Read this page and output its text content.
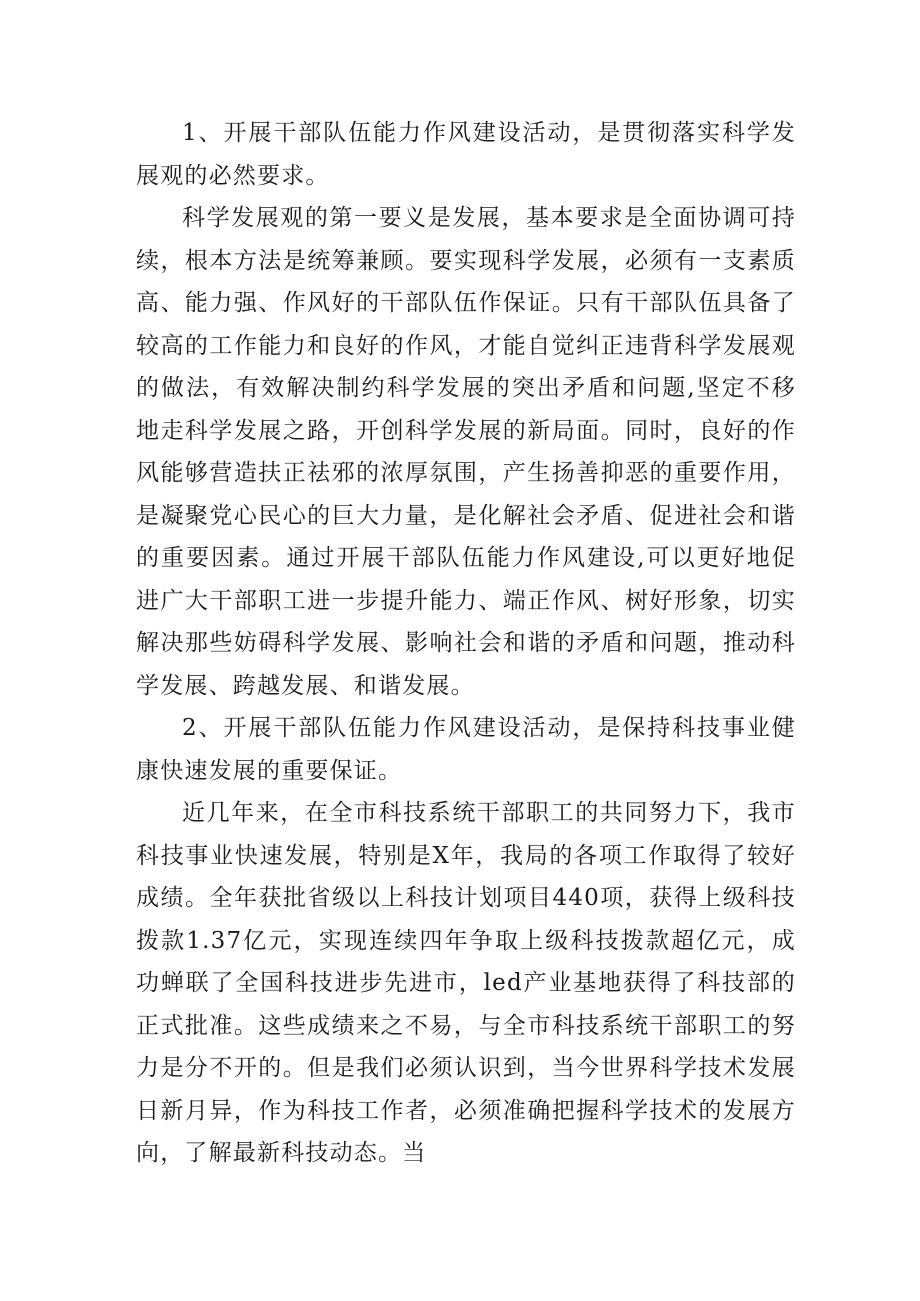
1、开展干部队伍能力作风建设活动，是贯彻落实科学发展观的必然要求。

科学发展观的第一要义是发展，基本要求是全面协调可持续，根本方法是统筹兼顾。要实现科学发展，必须有一支素质高、能力强、作风好的干部队伍作保证。只有干部队伍具备了较高的工作能力和良好的作风，才能自觉纠正违背科学发展观的做法，有效解决制约科学发展的突出矛盾和问题,坚定不移地走科学发展之路，开创科学发展的新局面。同时，良好的作风能够营造扶正祛邪的浓厚氛围，产生扬善抑恶的重要作用，是凝聚党心民心的巨大力量，是化解社会矛盾、促进社会和谐的重要因素。通过开展干部队伍能力作风建设,可以更好地促进广大干部职工进一步提升能力、端正作风、树好形象，切实解决那些妨碍科学发展、影响社会和谐的矛盾和问题，推动科学发展、跨越发展、和谐发展。

2、开展干部队伍能力作风建设活动，是保持科技事业健康快速发展的重要保证。

近几年来，在全市科技系统干部职工的共同努力下，我市科技事业快速发展，特别是X年，我局的各项工作取得了较好成绩。全年获批省级以上科技计划项目440项，获得上级科技拨款1.37亿元，实现连续四年争取上级科技拨款超亿元，成功蝉联了全国科技进步先进市，led产业基地获得了科技部的正式批准。这些成绩来之不易，与全市科技系统干部职工的努力是分不开的。但是我们必须认识到，当今世界科学技术发展日新月异，作为科技工作者，必须准确把握科学技术的发展方向，了解最新科技动态。当
